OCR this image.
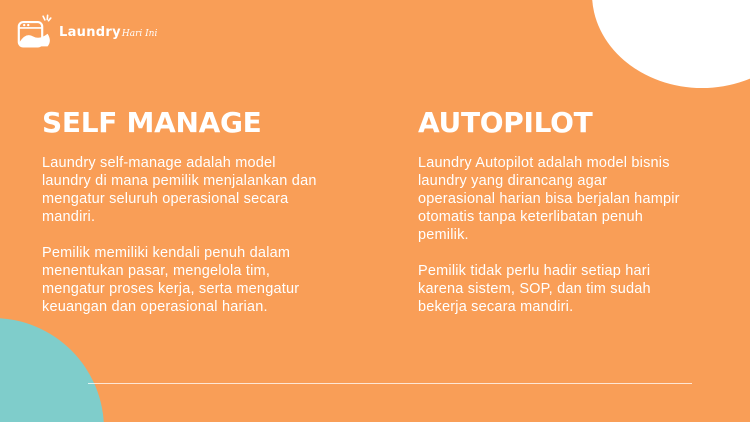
Laundry Hari Ini
SELF MANAGE

Laundry self-manage adalah model
laundry di mana pemilik menjalankan dan
mengatur seluruh operasional secara
mandiri.

Pemilik memiliki kendali penuh dalam
menentukan pasar, mengelola tim,
mengatur proses kerja, serta mengatur
keuangan dan operasional harian.

AUTOPILOT

Laundry Autopilot adalah model bisnis
laundry yang dirancang agar
operasional harian bisa berjalan hampir
otomatis tanpa keterlibatan penuh
pemilik.

Pemilik tidak perlu hadir setiap hari
karena sistem, SOP, dan tim sudah
bekerja secara mandiri.
